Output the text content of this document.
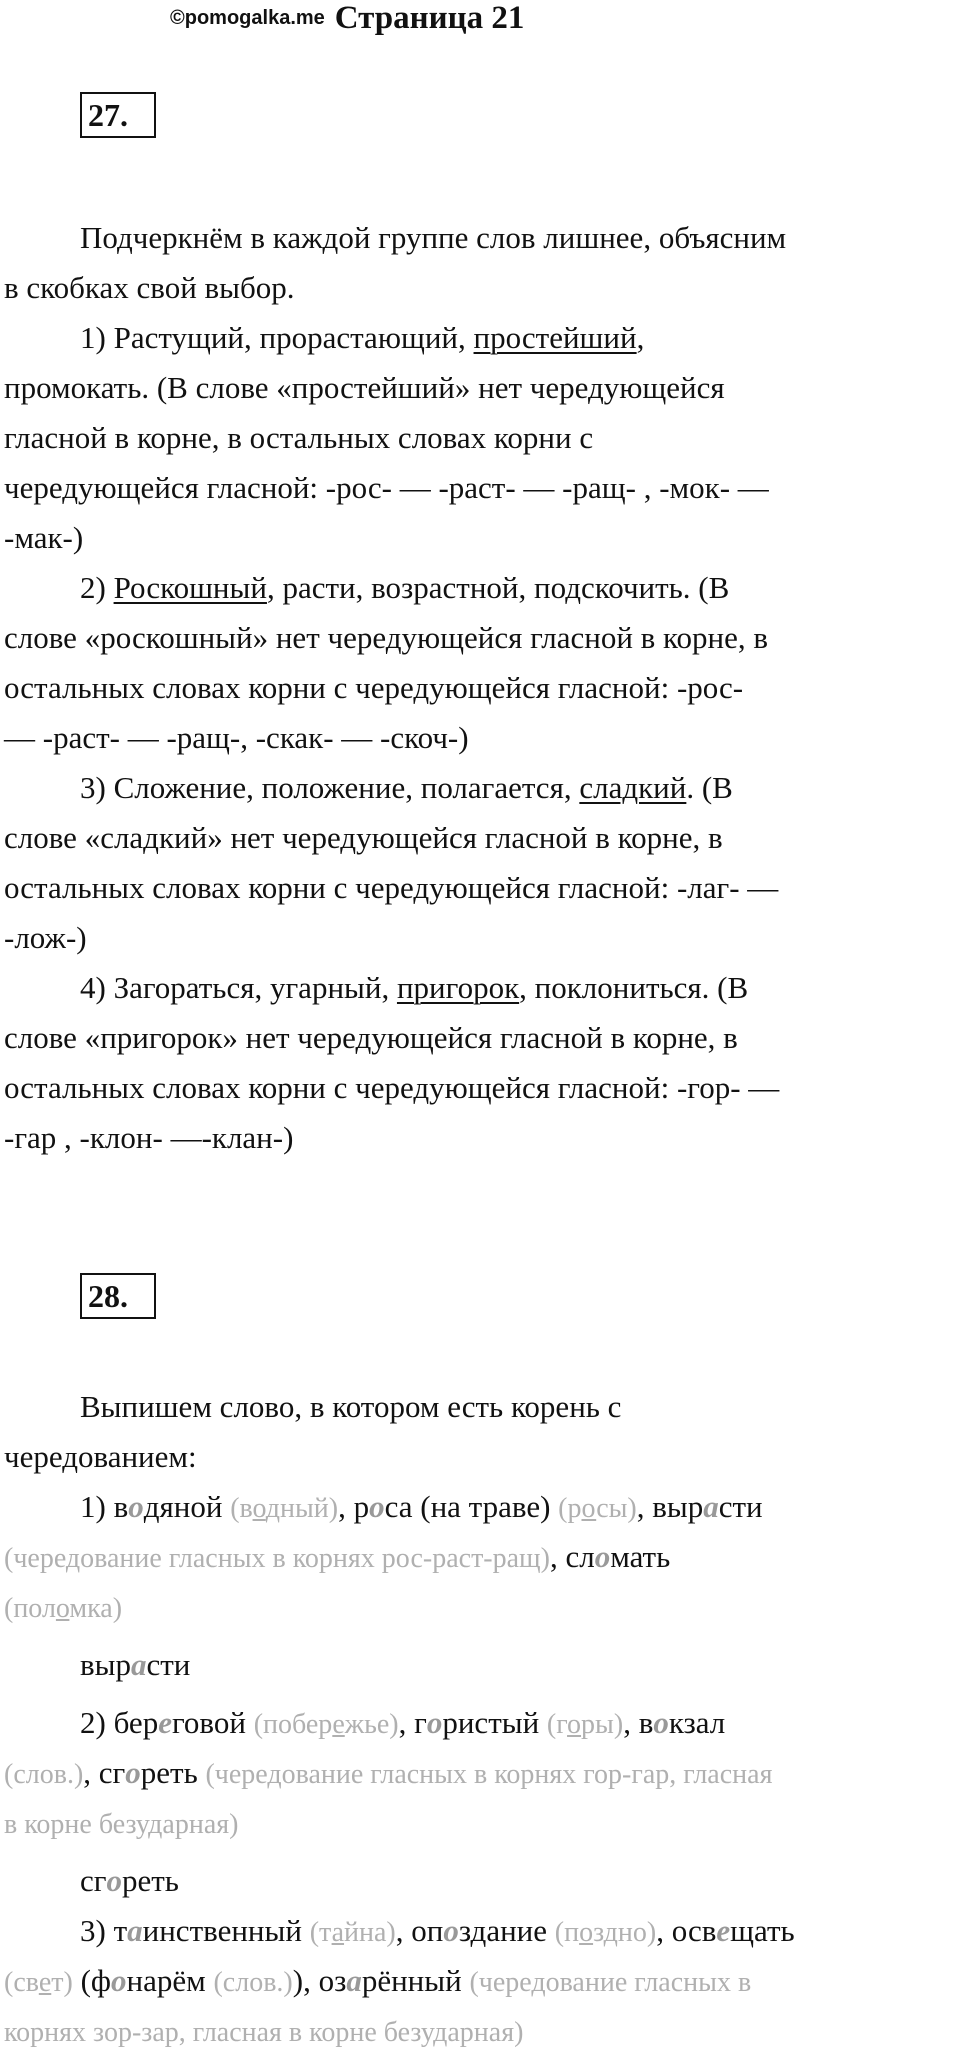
©pomogalka.me Страница 21
27.
Подчеркнём в каждой группе слов лишнее, объясним
в скобках свой выбор.
1) Растущий, прорастающий, простейший,
промокать. (В слове «простейший» нет чередующейся
гласной в корне, в остальных словах корни с
чередующейся гласной: -рос- — -раст- — -ращ- , -мок- —
-мак-)
2) Роскошный, расти, возрастной, подскочить. (В
слове «роскошный» нет чередующейся гласной в корне, в
остальных словах корни с чередующейся гласной: -рос-
— -раст- — -ращ-, -скак- — -скоч-)
3) Сложение, положение, полагается, сладкий. (В
слове «сладкий» нет чередующейся гласной в корне, в
остальных словах корни с чередующейся гласной: -лаг- —
-лож-)
4) Загораться, угарный, пригорок, поклониться. (В
слове «пригорок» нет чередующейся гласной в корне, в
остальных словах корни с чередующейся гласной: -гор- —
-гар , -клон- —-клан-)
28.
Выпишем слово, в котором есть корень с
чередованием:
1) водяной (водный), роса (на траве) (росы), вырасти
(чередование гласных в корнях рос-раст-ращ), сломать
(поломка)
вырасти
2) береговой (побережье), гористый (горы), вокзал
(слов.), сгореть (чередование гласных в корнях гор-гар, гласная
в корне безударная)
сгореть
3) таинственный (тайна), опоздание (поздно), освещать
(свет) (фонарём (слов.)), озарённый (чередование гласных в
корнях зор-зар, гласная в корне безударная)
